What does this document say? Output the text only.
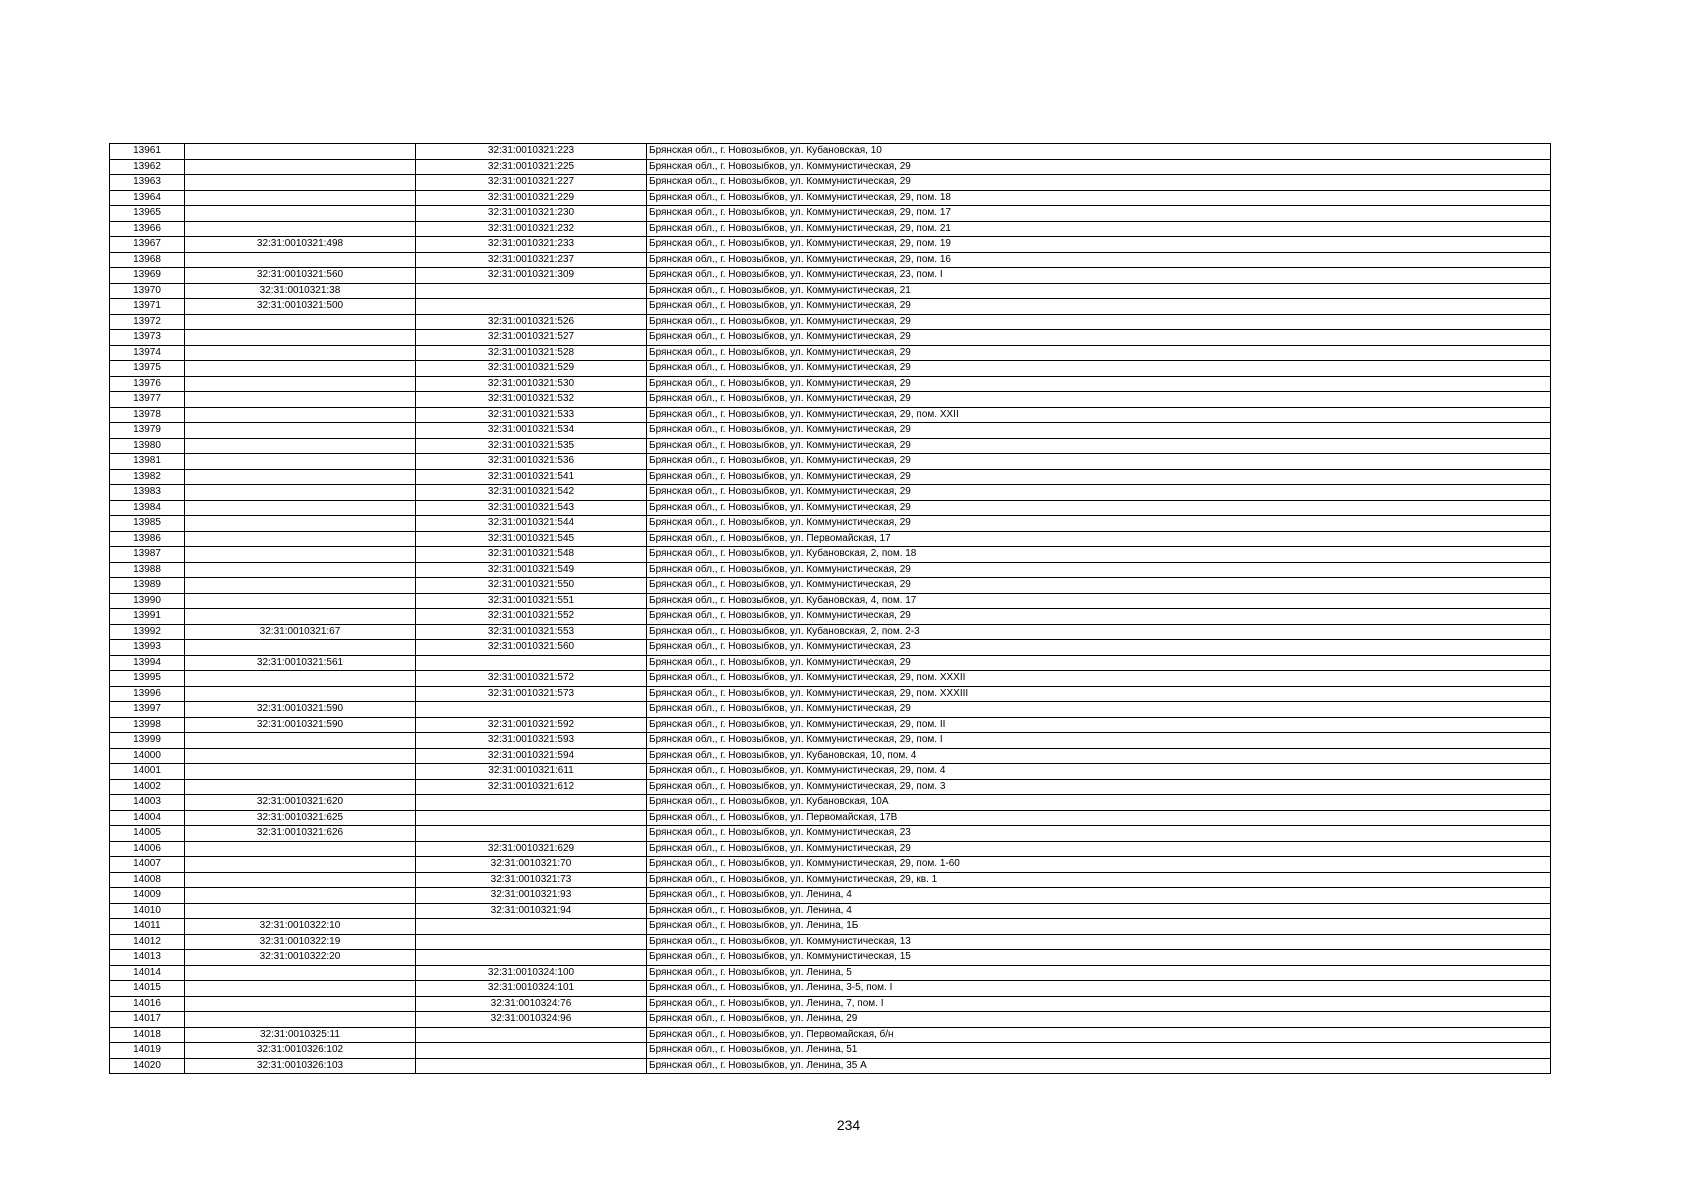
13961		32:31:0010321:223	Брянская обл., г. Новозыбков, ул. Кубановская, 10
13962		32:31:0010321:225	Брянская обл., г. Новозыбков, ул. Коммунистическая, 29
13963		32:31:0010321:227	Брянская обл., г. Новозыбков, ул. Коммунистическая, 29
13964		32:31:0010321:229	Брянская обл., г. Новозыбков, ул. Коммунистическая, 29, пом. 18
13965		32:31:0010321:230	Брянская обл., г. Новозыбков, ул. Коммунистическая, 29, пом. 17
13966		32:31:0010321:232	Брянская обл., г. Новозыбков, ул. Коммунистическая, 29, пом. 21
13967	32:31:0010321:498	32:31:0010321:233	Брянская обл., г. Новозыбков, ул. Коммунистическая, 29, пом. 19
13968		32:31:0010321:237	Брянская обл., г. Новозыбков, ул. Коммунистическая, 29, пом. 16
13969	32:31:0010321:560	32:31:0010321:309	Брянская обл., г. Новозыбков, ул. Коммунистическая, 23, пом. I
13970	32:31:0010321:38		Брянская обл., г. Новозыбков, ул. Коммунистическая, 21
13971	32:31:0010321:500		Брянская обл., г. Новозыбков, ул. Коммунистическая, 29
13972		32:31:0010321:526	Брянская обл., г. Новозыбков, ул. Коммунистическая, 29
13973		32:31:0010321:527	Брянская обл., г. Новозыбков, ул. Коммунистическая, 29
13974		32:31:0010321:528	Брянская обл., г. Новозыбков, ул. Коммунистическая, 29
13975		32:31:0010321:529	Брянская обл., г. Новозыбков, ул. Коммунистическая, 29
13976		32:31:0010321:530	Брянская обл., г. Новозыбков, ул. Коммунистическая, 29
13977		32:31:0010321:532	Брянская обл., г. Новозыбков, ул. Коммунистическая, 29
13978		32:31:0010321:533	Брянская обл., г. Новозыбков, ул. Коммунистическая, 29, пом. XXII
13979		32:31:0010321:534	Брянская обл., г. Новозыбков, ул. Коммунистическая, 29
13980		32:31:0010321:535	Брянская обл., г. Новозыбков, ул. Коммунистическая, 29
13981		32:31:0010321:536	Брянская обл., г. Новозыбков, ул. Коммунистическая, 29
13982		32:31:0010321:541	Брянская обл., г. Новозыбков, ул. Коммунистическая, 29
13983		32:31:0010321:542	Брянская обл., г. Новозыбков, ул. Коммунистическая, 29
13984		32:31:0010321:543	Брянская обл., г. Новозыбков, ул. Коммунистическая, 29
13985		32:31:0010321:544	Брянская обл., г. Новозыбков, ул. Коммунистическая, 29
13986		32:31:0010321:545	Брянская обл., г. Новозыбков, ул. Первомайская, 17
13987		32:31:0010321:548	Брянская обл., г. Новозыбков, ул. Кубановская, 2, пом. 18
13988		32:31:0010321:549	Брянская обл., г. Новозыбков, ул. Коммунистическая, 29
13989		32:31:0010321:550	Брянская обл., г. Новозыбков, ул. Коммунистическая, 29
13990		32:31:0010321:551	Брянская обл., г. Новозыбков, ул. Кубановская, 4, пом. 17
13991		32:31:0010321:552	Брянская обл., г. Новозыбков, ул. Коммунистическая, 29
13992	32:31:0010321:67	32:31:0010321:553	Брянская обл., г. Новозыбков, ул. Кубановская, 2, пом. 2-3
13993		32:31:0010321:560	Брянская обл., г. Новозыбков, ул. Коммунистическая, 23
13994	32:31:0010321:561		Брянская обл., г. Новозыбков, ул. Коммунистическая, 29
13995		32:31:0010321:572	Брянская обл., г. Новозыбков, ул. Коммунистическая, 29, пом. XXXII
13996		32:31:0010321:573	Брянская обл., г. Новозыбков, ул. Коммунистическая, 29, пом. XXXIII
13997	32:31:0010321:590		Брянская обл., г. Новозыбков, ул. Коммунистическая, 29
13998	32:31:0010321:590	32:31:0010321:592	Брянская обл., г. Новозыбков, ул. Коммунистическая, 29, пом. II
13999		32:31:0010321:593	Брянская обл., г. Новозыбков, ул. Коммунистическая, 29, пом. I
14000		32:31:0010321:594	Брянская обл., г. Новозыбков, ул. Кубановская, 10, пом. 4
14001		32:31:0010321:611	Брянская обл., г. Новозыбков, ул. Коммунистическая, 29, пом. 4
14002		32:31:0010321:612	Брянская обл., г. Новозыбков, ул. Коммунистическая, 29, пом. 3
14003	32:31:0010321:620		Брянская обл., г. Новозыбков, ул. Кубановская, 10А
14004	32:31:0010321:625		Брянская обл., г. Новозыбков, ул. Первомайская, 17В
14005	32:31:0010321:626		Брянская обл., г. Новозыбков, ул. Коммунистическая, 23
14006		32:31:0010321:629	Брянская обл., г. Новозыбков, ул. Коммунистическая, 29
14007		32:31:0010321:70	Брянская обл., г. Новозыбков, ул. Коммунистическая, 29, пом. 1-60
14008		32:31:0010321:73	Брянская обл., г. Новозыбков, ул. Коммунистическая, 29, кв. 1
14009		32:31:0010321:93	Брянская обл., г. Новозыбков, ул. Ленина, 4
14010		32:31:0010321:94	Брянская обл., г. Новозыбков, ул. Ленина, 4
14011	32:31:0010322:10		Брянская обл., г. Новозыбков, ул. Ленина, 1Б
14012	32:31:0010322:19		Брянская обл., г. Новозыбков, ул. Коммунистическая, 13
14013	32:31:0010322:20		Брянская обл., г. Новозыбков, ул. Коммунистическая, 15
14014		32:31:0010324:100	Брянская обл., г. Новозыбков, ул. Ленина, 5
14015		32:31:0010324:101	Брянская обл., г. Новозыбков, ул. Ленина, 3-5, пом. I
14016		32:31:0010324:76	Брянская обл., г. Новозыбков, ул. Ленина, 7, пом. I
14017		32:31:0010324:96	Брянская обл., г. Новозыбков, ул. Ленина, 29
14018	32:31:0010325:11		Брянская обл., г. Новозыбков, ул. Первомайская, б/н
14019	32:31:0010326:102		Брянская обл., г. Новозыбков, ул. Ленина, 51
14020	32:31:0010326:103		Брянская обл., г. Новозыбков, ул. Ленина, 35 А
234
